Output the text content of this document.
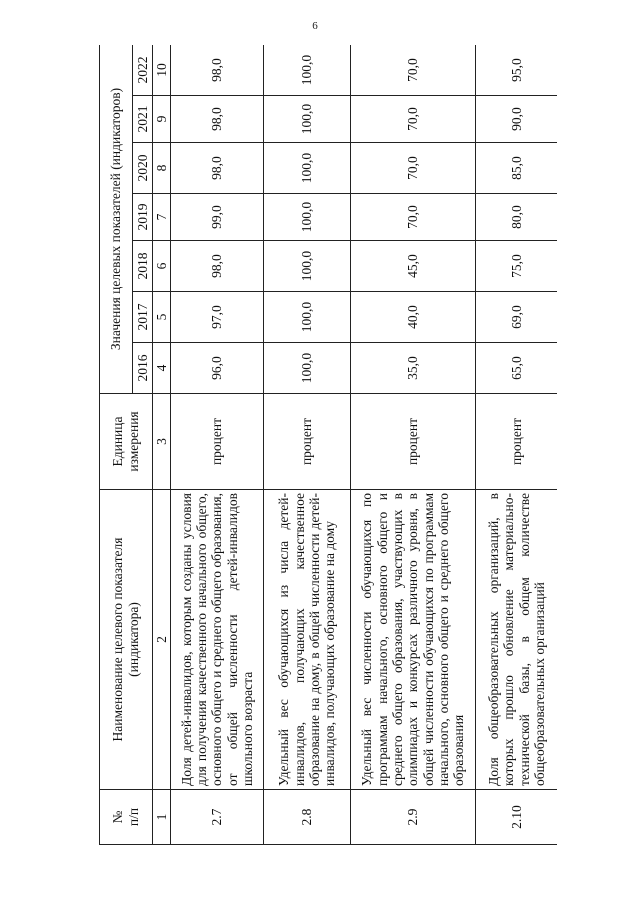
6
№
п/п	Наименование целевого показателя
(индикатора)	Единица
измерения	Значения целевых показателей (индикаторов)						
			2016	2017	2018	2019	2020	2021	2022
1	2	3	4	5	6	7	8	9	10
2.7	Доля детей-инвалидов, которым созданы условия для получения качественного начального общего, основного общего и среднего общего образования, от общей численности детей-инвалидов школьного возраста	процент	96,0	97,0	98,0	99,0	98,0	98,0	98,0
2.8	Удельный вес обучающихся из числа детей-инвалидов, получающих качественное образование на дому, в общей численности детей-инвалидов, получающих образование на дому	процент	100,0	100,0	100,0	100,0	100,0	100,0	100,0
2.9	Удельный вес численности обучающихся по программам начального, основного общего и среднего общего образования, участвующих в олимпиадах и конкурсах различного уровня, в общей численности обучающихся по программам начального, основного общего и среднего общего образования	процент	35,0	40,0	45,0	70,0	70,0	70,0	70,0
2.10	Доля общеобразовательных организаций, в которых прошло обновление материально-технической базы, в общем количестве общеобразовательных организаций	процент	65,0	69,0	75,0	80,0	85,0	90,0	95,0
